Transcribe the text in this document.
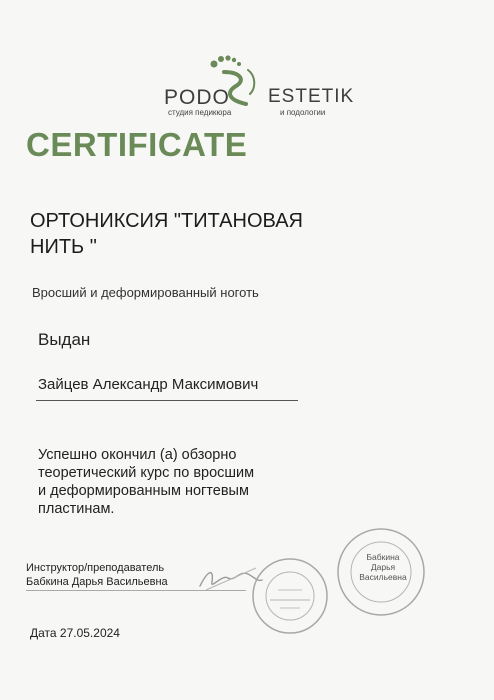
PODO ESTETIK
студия педикюра	и подологии
CERTIFICATE
ОРТОНИКСИЯ "ТИТАНОВАЯ
НИТЬ "
Вросший и деформированный ноготь
Выдан
Зайцев Александр Максимович
Успешно окончил (а) обзорно
теоретический курс по вросшим
и деформированным ногтевым
пластинам.
Инструктор/преподаватель
Бабкина Дарья Васильевна
Бабкина
Дарья
Васильевна
Дата 27.05.2024
